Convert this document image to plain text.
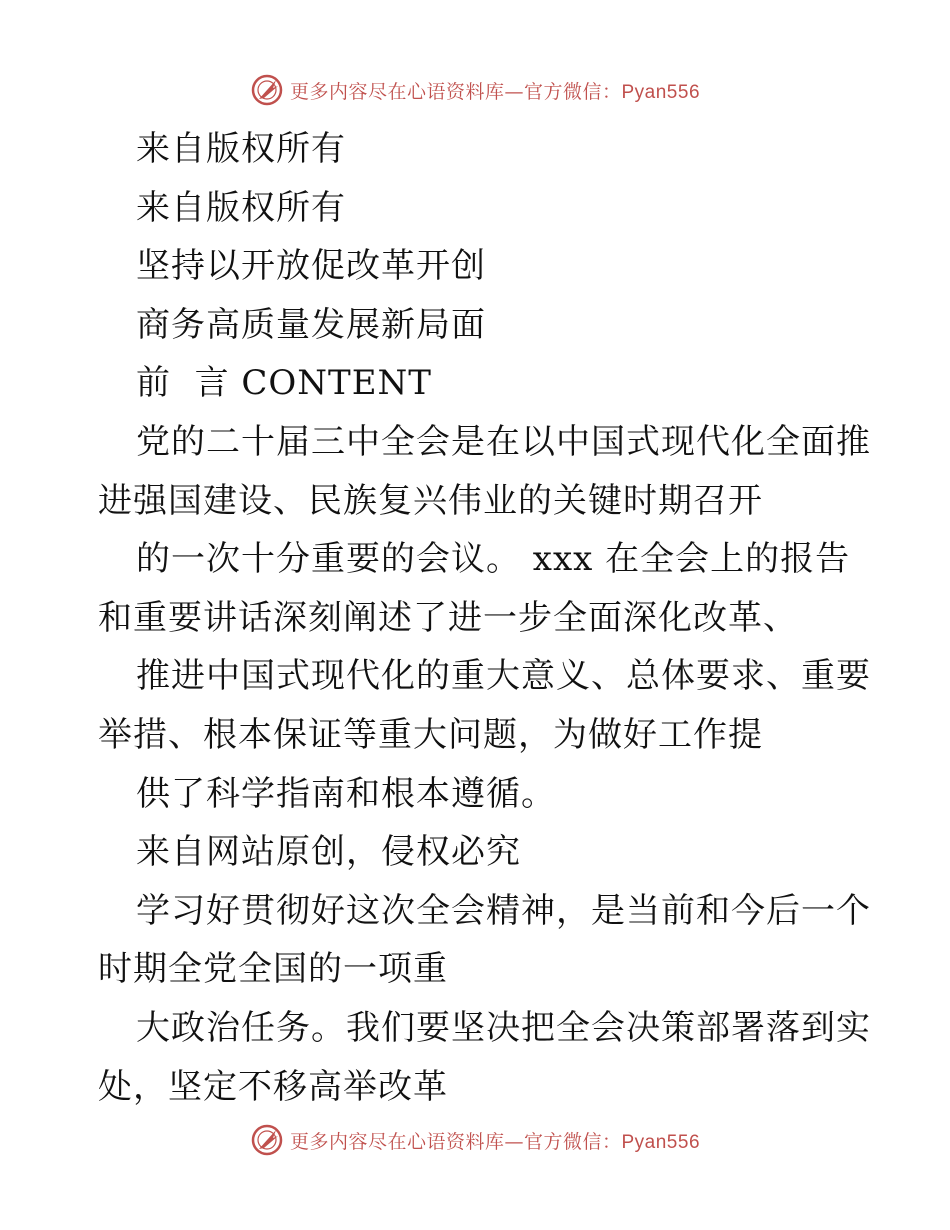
更多内容尽在心语资料库—官方微信：Pyan556
来自版权所有
来自版权所有
坚持以开放促改革开创
商务高质量发展新局面
前  言 CONTENT
党的二十届三中全会是在以中国式现代化全面推
进强国建设、民族复兴伟业的关键时期召开
的一次十分重要的会议。 xxx 在全会上的报告
和重要讲话深刻阐述了进一步全面深化改革、
推进中国式现代化的重大意义、总体要求、重要
举措、根本保证等重大问题，为做好工作提
供了科学指南和根本遵循。
来自网站原创，侵权必究
学习好贯彻好这次全会精神，是当前和今后一个
时期全党全国的一项重
大政治任务。我们要坚决把全会决策部署落到实
处，坚定不移高举改革
更多内容尽在心语资料库—官方微信：Pyan556
